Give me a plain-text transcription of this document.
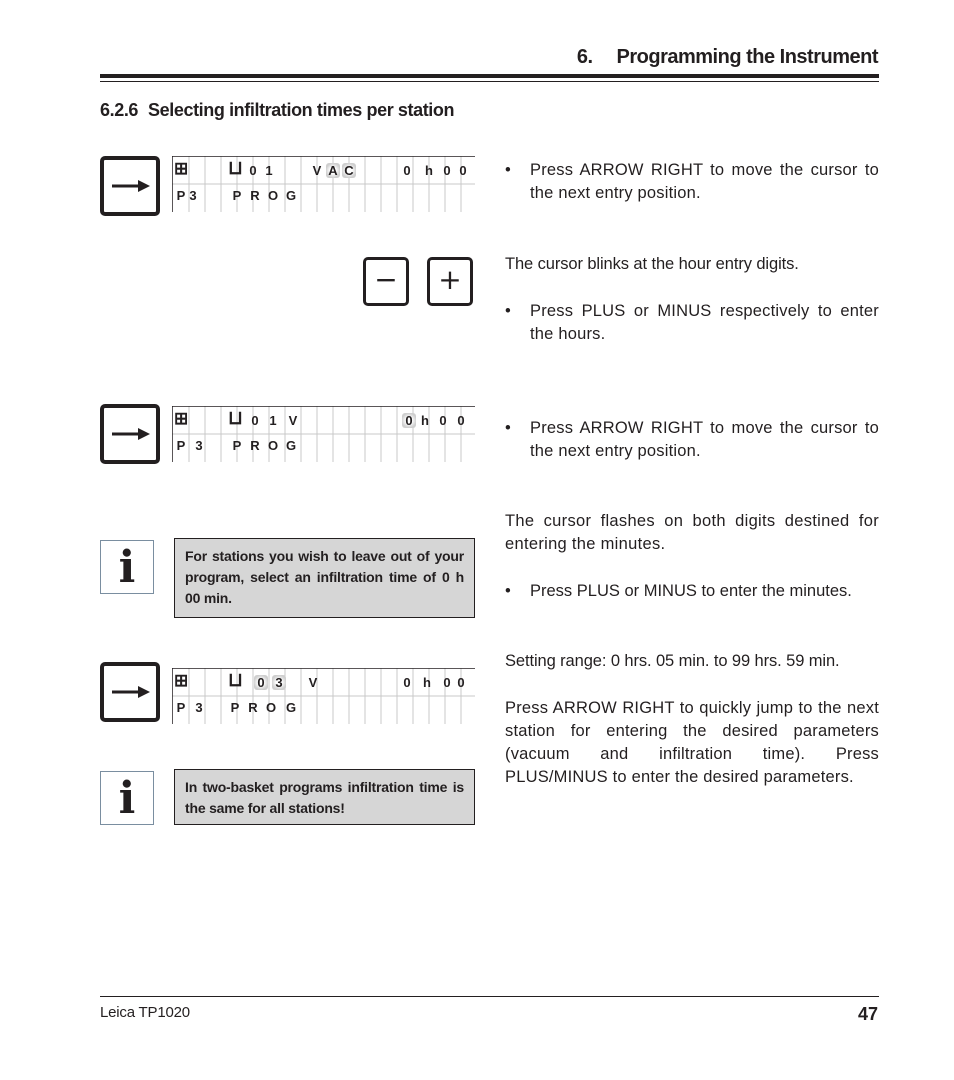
6. Programming the Instrument
6.2.6 Selecting infiltration times per station
⊞ ⊔ 0 1	V A C	0 h 0 0
P 3	P R O G
• Press ARROW RIGHT to move the cursor to the next entry position.
−	+	The cursor blinks at the hour entry digits.
• Press PLUS or MINUS respectively to enter the hours.
⊞ ⊔ 0 1 V	0 h 0 0
P 3 P R O G
• Press ARROW RIGHT to move the cursor to the next entry position.
i	For stations you wish to leave out of your program, select an infiltration time of 0 h 00 min.
The cursor flashes on both digits destined for entering the minutes.
• Press PLUS or MINUS to enter the minutes.
⊞ ⊔ 0 3 V	0 h 0 0
P 3 P R O G
Setting range: 0 hrs. 05 min. to 99 hrs. 59 min.
Press ARROW RIGHT to quickly jump to the next station for entering the desired parameters (vacuum and infiltration time). Press PLUS/MINUS to enter the desired parameters.
i	In two-basket programs infiltration time is the same for all stations!
Leica TP1020	47
